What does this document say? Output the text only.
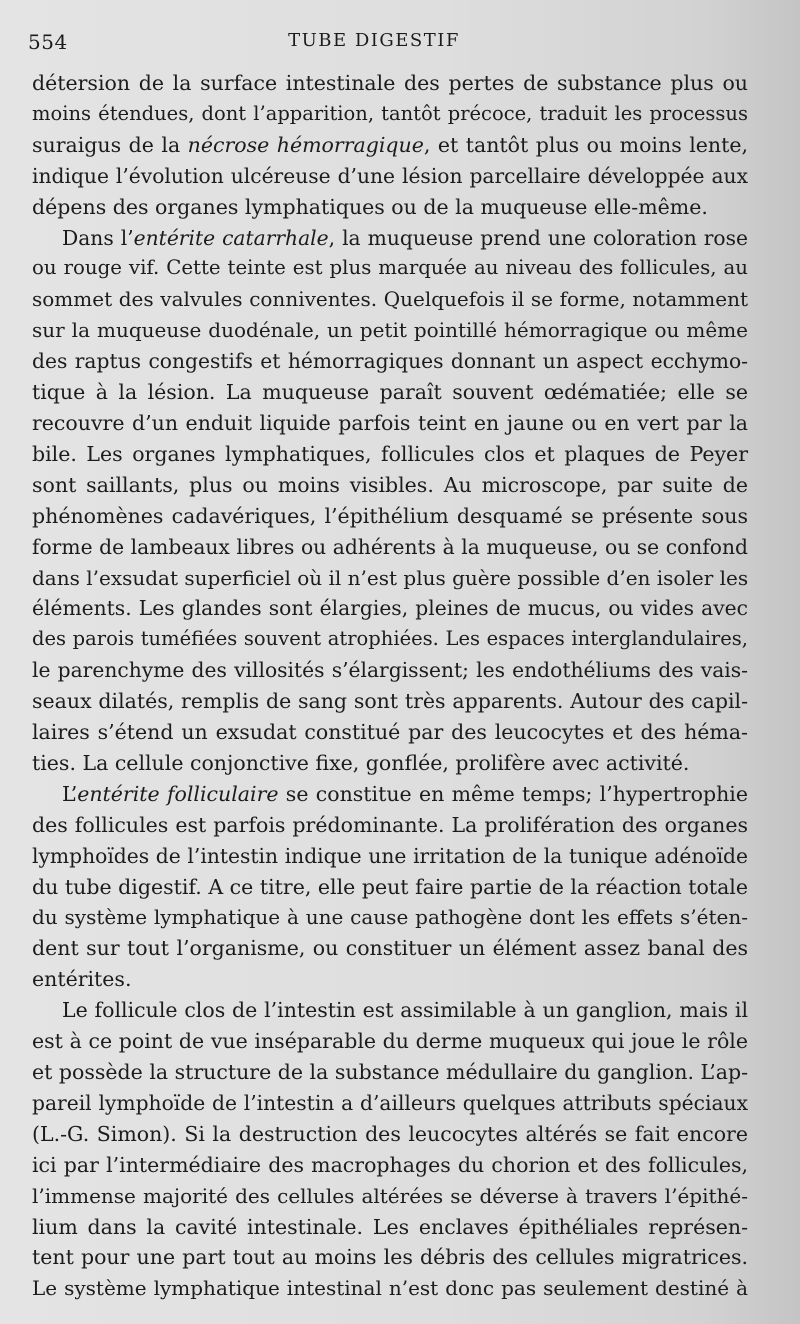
554	TUBE DIGESTIF
détersion de la surface intestinale des pertes de substance plus ou
moins étendues, dont l’apparition, tantôt précoce, traduit les processus
suraigus de la nécrose hémorragique, et tantôt plus ou moins lente,
indique l’évolution ulcéreuse d’une lésion parcellaire développée aux
dépens des organes lymphatiques ou de la muqueuse elle-même.
Dans l’entérite catarrhale, la muqueuse prend une coloration rose
ou rouge vif. Cette teinte est plus marquée au niveau des follicules, au
sommet des valvules conniventes. Quelquefois il se forme, notamment
sur la muqueuse duodénale, un petit pointillé hémorragique ou même
des raptus congestifs et hémorragiques donnant un aspect ecchymo-
tique à la lésion. La muqueuse paraît souvent œdématiée; elle se
recouvre d’un enduit liquide parfois teint en jaune ou en vert par la
bile. Les organes lymphatiques, follicules clos et plaques de Peyer
sont saillants, plus ou moins visibles. Au microscope, par suite de
phénomènes cadavériques, l’épithélium desquamé se présente sous
forme de lambeaux libres ou adhérents à la muqueuse, ou se confond
dans l’exsudat superficiel où il n’est plus guère possible d’en isoler les
éléments. Les glandes sont élargies, pleines de mucus, ou vides avec
des parois tuméfiées souvent atrophiées. Les espaces interglandulaires,
le parenchyme des villosités s’élargissent; les endothéliums des vais-
seaux dilatés, remplis de sang sont très apparents. Autour des capil-
laires s’étend un exsudat constitué par des leucocytes et des héma-
ties. La cellule conjonctive fixe, gonflée, prolifère avec activité.
L’entérite folliculaire se constitue en même temps; l’hypertrophie
des follicules est parfois prédominante. La prolifération des organes
lymphoïdes de l’intestin indique une irritation de la tunique adénoïde
du tube digestif. A ce titre, elle peut faire partie de la réaction totale
du système lymphatique à une cause pathogène dont les effets s’éten-
dent sur tout l’organisme, ou constituer un élément assez banal des
entérites.
Le follicule clos de l’intestin est assimilable à un ganglion, mais il
est à ce point de vue inséparable du derme muqueux qui joue le rôle
et possède la structure de la substance médullaire du ganglion. L’ap-
pareil lymphoïde de l’intestin a d’ailleurs quelques attributs spéciaux
(L.-G. Simon). Si la destruction des leucocytes altérés se fait encore
ici par l’intermédiaire des macrophages du chorion et des follicules,
l’immense majorité des cellules altérées se déverse à travers l’épithé-
lium dans la cavité intestinale. Les enclaves épithéliales représen-
tent pour une part tout au moins les débris des cellules migratrices.
Le système lymphatique intestinal n’est donc pas seulement destiné à
